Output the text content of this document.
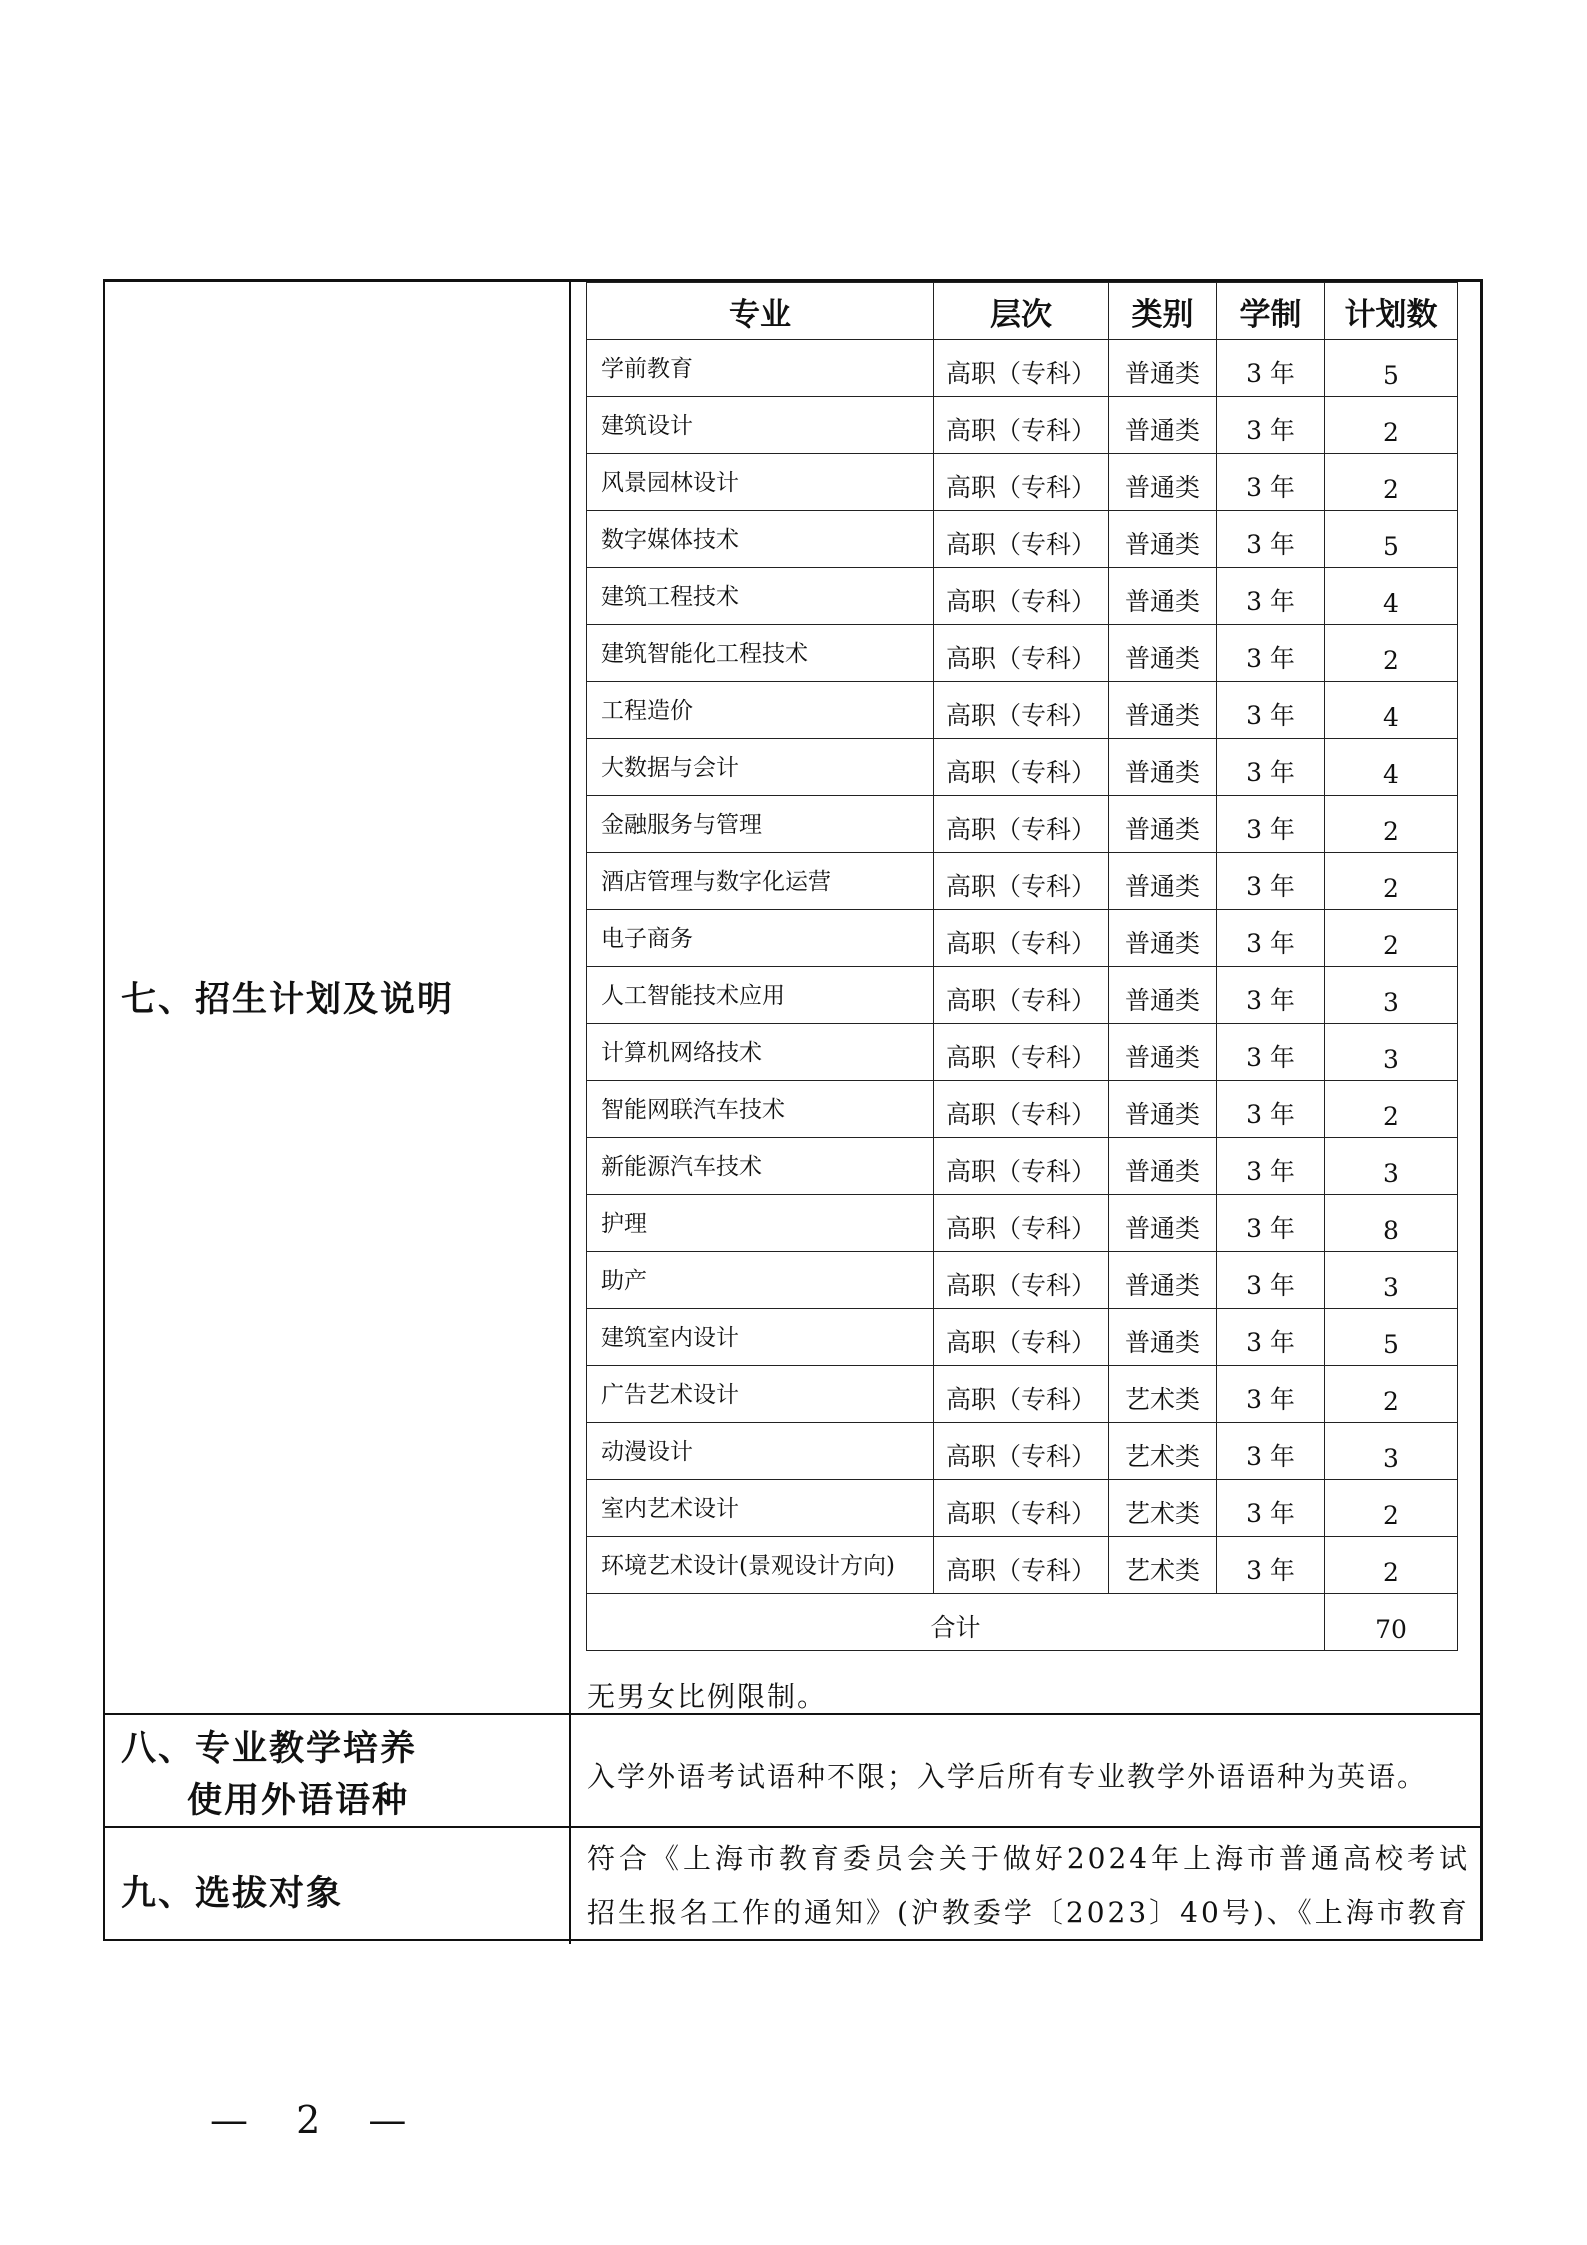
七、招生计划及说明
专业	层次	类别	学制	计划数
学前教育	高职（专科）	普通类	3 年	5
建筑设计	高职（专科）	普通类	3 年	2
风景园林设计	高职（专科）	普通类	3 年	2
数字媒体技术	高职（专科）	普通类	3 年	5
建筑工程技术	高职（专科）	普通类	3 年	4
建筑智能化工程技术	高职（专科）	普通类	3 年	2
工程造价	高职（专科）	普通类	3 年	4
大数据与会计	高职（专科）	普通类	3 年	4
金融服务与管理	高职（专科）	普通类	3 年	2
酒店管理与数字化运营	高职（专科）	普通类	3 年	2
电子商务	高职（专科）	普通类	3 年	2
人工智能技术应用	高职（专科）	普通类	3 年	3
计算机网络技术	高职（专科）	普通类	3 年	3
智能网联汽车技术	高职（专科）	普通类	3 年	2
新能源汽车技术	高职（专科）	普通类	3 年	3
护理	高职（专科）	普通类	3 年	8
助产	高职（专科）	普通类	3 年	3
建筑室内设计	高职（专科）	普通类	3 年	5
广告艺术设计	高职（专科）	艺术类	3 年	2
动漫设计	高职（专科）	艺术类	3 年	3
室内艺术设计	高职（专科）	艺术类	3 年	2
环境艺术设计(景观设计方向)	高职（专科）	艺术类	3 年	2
合计				70
无男女比例限制。
八、专业教学培养
使用外语语种
入学外语考试语种不限；入学后所有专业教学外语语种为英语。
九、选拔对象
符合《上海市教育委员会关于做好2024年上海市普通高校考试招生报名工作的通知》(沪教委学〔2023〕40号)、《上海市教育
— 2 —
